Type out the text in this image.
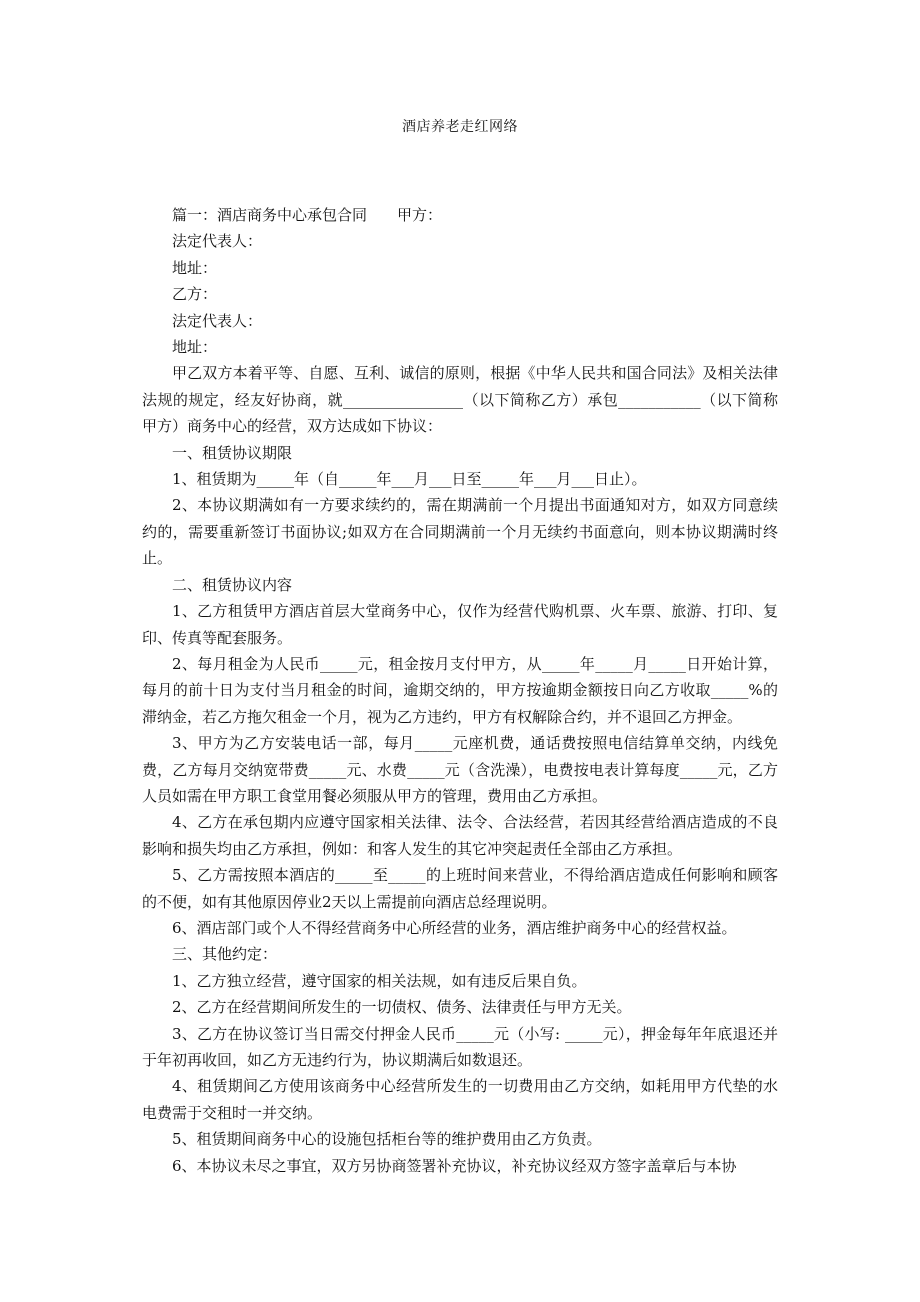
酒店养老走红网络

篇一：酒店商务中心承包合同　　甲方：

法定代表人：

地址：

乙方：

法定代表人：

地址：

甲乙双方本着平等、自愿、互利、诚信的原则，根据《中华人民共和国合同法》及相关法律法规的规定，经友好协商，就________________（以下简称乙方）承包___________（以下简称甲方）商务中心的经营，双方达成如下协议：

一、租赁协议期限

1、租赁期为_____年（自_____年___月___日至_____年___月___日止）。

2、本协议期满如有一方要求续约的，需在期满前一个月提出书面通知对方，如双方同意续约的，需要重新签订书面协议;如双方在合同期满前一个月无续约书面意向，则本协议期满时终止。

二、租赁协议内容

1、乙方租赁甲方酒店首层大堂商务中心，仅作为经营代购机票、火车票、旅游、打印、复印、传真等配套服务。

2、每月租金为人民币_____元，租金按月支付甲方，从_____年_____月_____日开始计算，每月的前十日为支付当月租金的时间，逾期交纳的，甲方按逾期金额按日向乙方收取_____%的滞纳金，若乙方拖欠租金一个月，视为乙方违约，甲方有权解除合约，并不退回乙方押金。

3、甲方为乙方安装电话一部，每月_____元座机费，通话费按照电信结算单交纳，内线免费，乙方每月交纳宽带费_____元、水费_____元（含洗澡），电费按电表计算每度_____元，乙方人员如需在甲方职工食堂用餐必须服从甲方的管理，费用由乙方承担。

4、乙方在承包期内应遵守国家相关法律、法令、合法经营，若因其经营给酒店造成的不良影响和损失均由乙方承担，例如：和客人发生的其它冲突起责任全部由乙方承担。

5、乙方需按照本酒店的_____至_____的上班时间来营业，不得给酒店造成任何影响和顾客的不便，如有其他原因停业2天以上需提前向酒店总经理说明。

6、酒店部门或个人不得经营商务中心所经营的业务，酒店维护商务中心的经营权益。

三、其他约定：

1、乙方独立经营，遵守国家的相关法规，如有违反后果自负。

2、乙方在经营期间所发生的一切债权、债务、法律责任与甲方无关。

3、乙方在协议签订当日需交付押金人民币_____元（小写: _____元），押金每年年底退还并于年初再收回，如乙方无违约行为，协议期满后如数退还。

4、租赁期间乙方使用该商务中心经营所发生的一切费用由乙方交纳，如耗用甲方代垫的水电费需于交租时一并交纳。

5、租赁期间商务中心的设施包括柜台等的维护费用由乙方负责。

6、本协议未尽之事宜，双方另协商签署补充协议，补充协议经双方签字盖章后与本协
